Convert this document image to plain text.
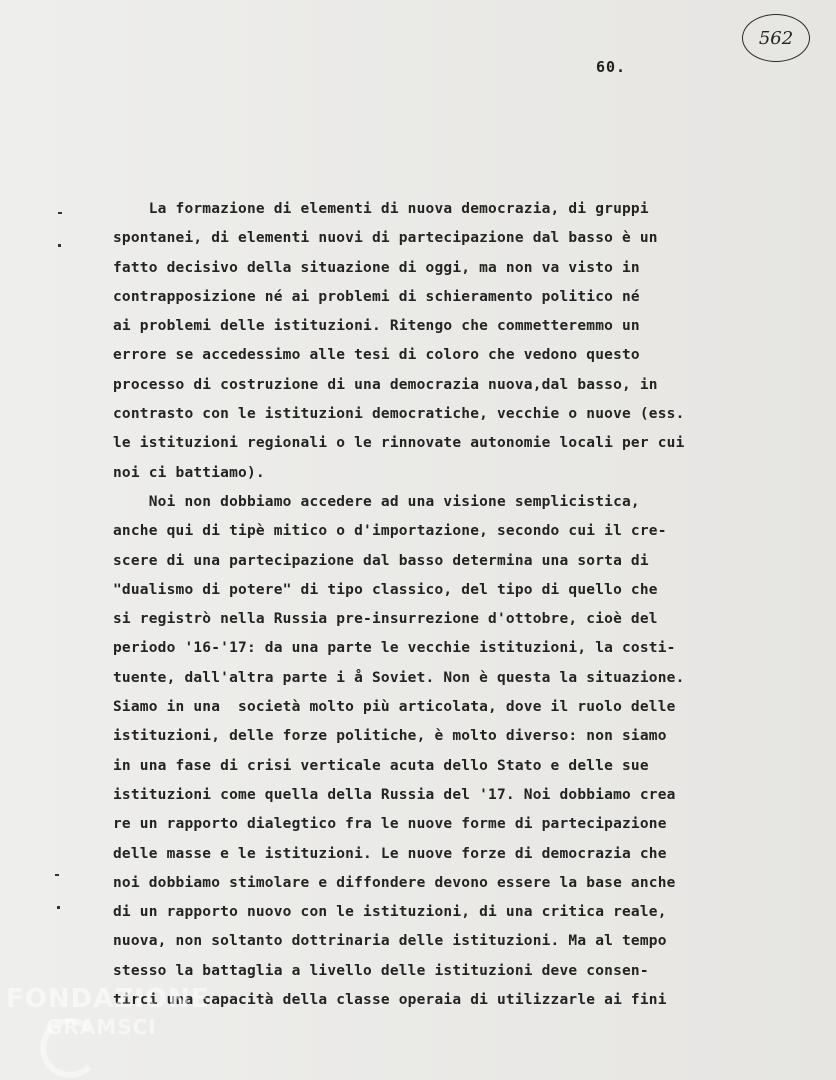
562
60.
La formazione di elementi di nuova democrazia, di gruppi
spontanei, di elementi nuovi di partecipazione dal basso è un
fatto decisivo della situazione di oggi, ma non va visto in
contrapposizione né ai problemi di schieramento politico né
ai problemi delle istituzioni. Ritengo che commetteremmo un
errore se accedessimo alle tesi di coloro che vedono questo
processo di costruzione di una democrazia nuova,dal basso, in
contrasto con le istituzioni democratiche, vecchie o nuove (ess.
le istituzioni regionali o le rinnovate autonomie locali per cui
noi ci battiamo).
Noi non dobbiamo accedere ad una visione semplicistica,
anche qui di tipè mitico o d'importazione, secondo cui il cre-
scere di una partecipazione dal basso determina una sorta di
"dualismo di potere" di tipo classico, del tipo di quello che
si registrò nella Russia pre-insurrezione d'ottobre, cioè del
periodo '16-'17: da una parte le vecchie istituzioni, la costi-
tuente, dall'altra parte i å Soviet. Non è questa la situazione.
Siamo in una  società molto più articolata, dove il ruolo delle
istituzioni, delle forze politiche, è molto diverso: non siamo
in una fase di crisi verticale acuta dello Stato e delle sue
istituzioni come quella della Russia del '17. Noi dobbiamo crea
re un rapporto dialegtico fra le nuove forme di partecipazione
delle masse e le istituzioni. Le nuove forze di democrazia che
noi dobbiamo stimolare e diffondere devono essere la base anche
di un rapporto nuovo con le istituzioni, di una critica reale,
nuova, non soltanto dottrinaria delle istituzioni. Ma al tempo
stesso la battaglia a livello delle istituzioni deve consen-
tirci una capacità della classe operaia di utilizzarle ai fini
FONDAZIONE
GRAMSCI
